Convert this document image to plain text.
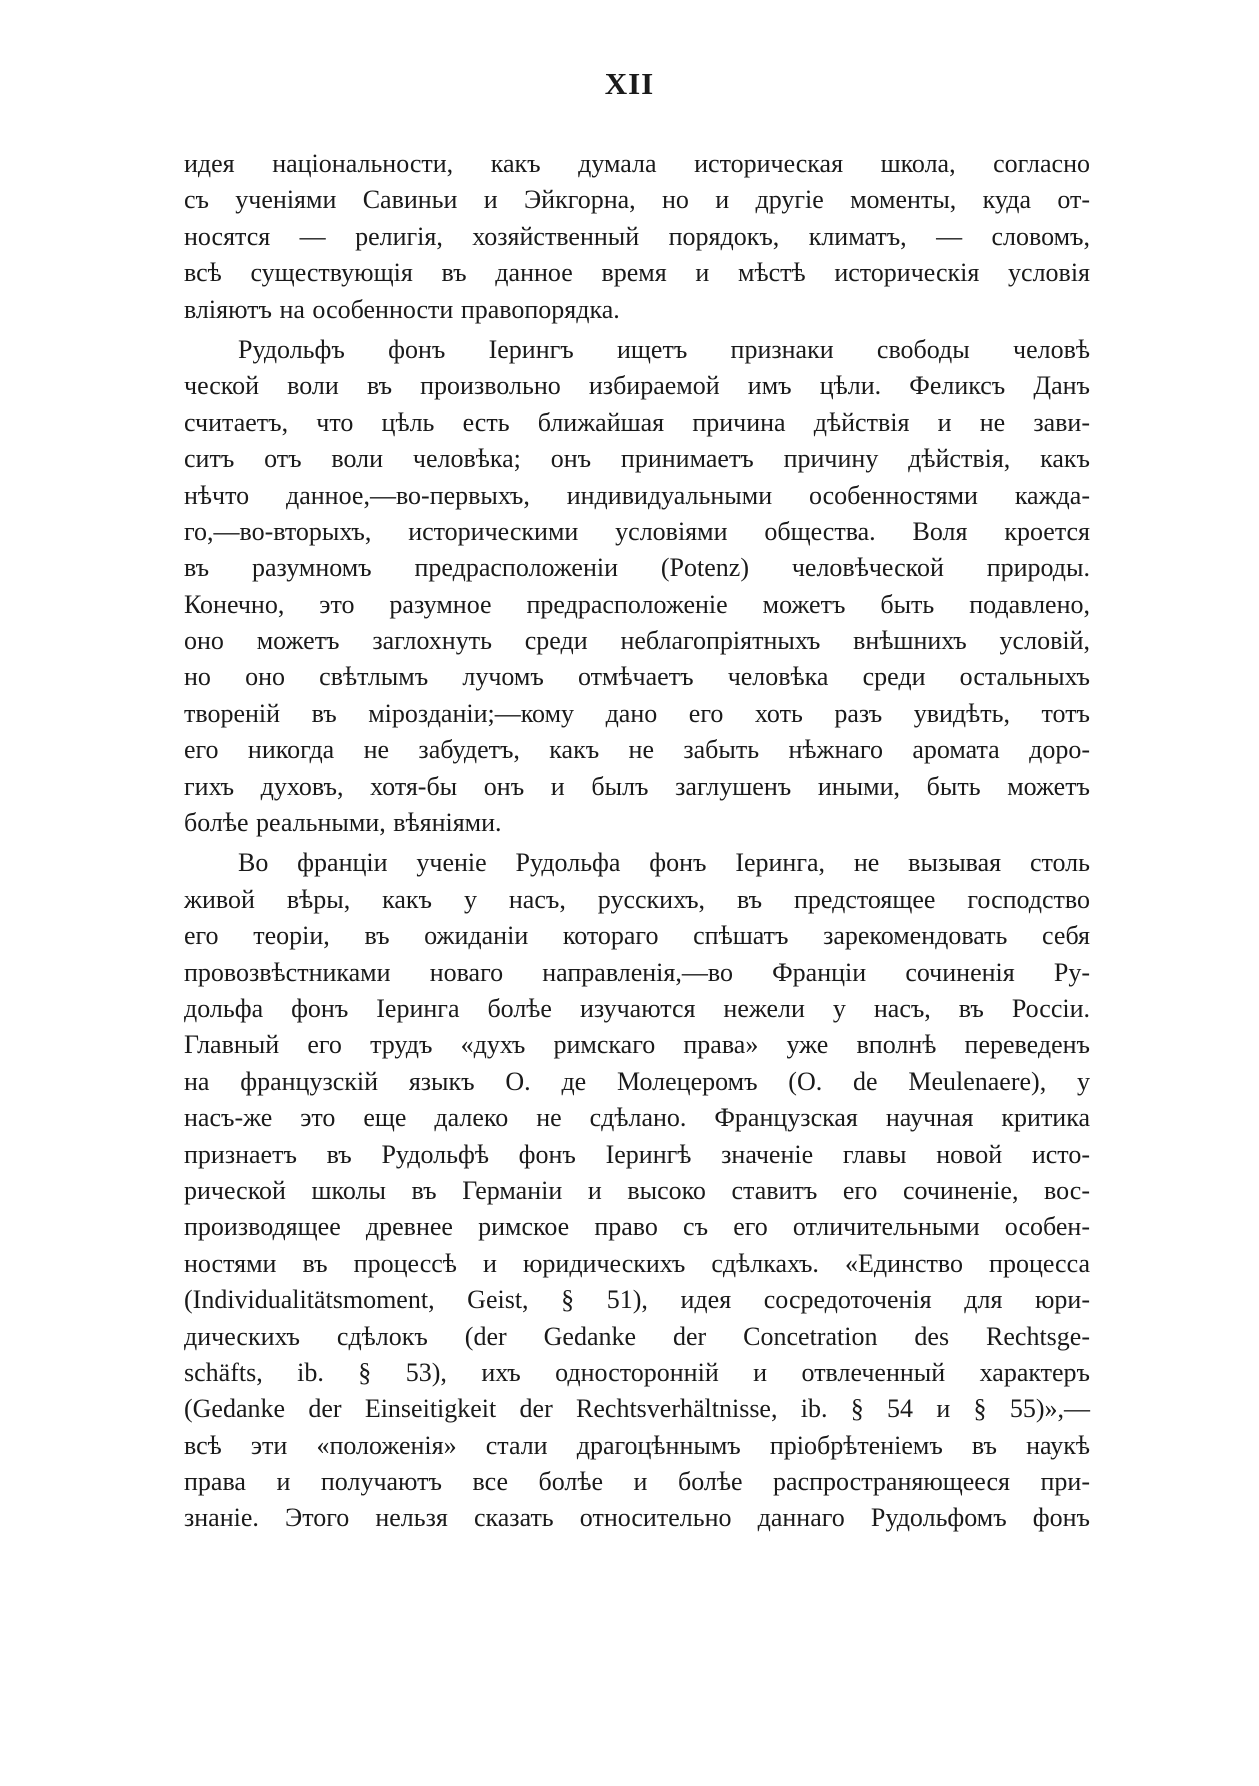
XII
идея національности, какъ думала историческая школа, согласно
съ ученіями Савиньи и Эйкгорна, но и другіе моменты, куда от-
носятся — религія, хозяйственный порядокъ, климатъ, — словомъ,
всѣ существующія въ данное время и мѣстѣ историческія условія
вліяютъ на особенности правопорядка.
Рудольфъ фонъ Іерингъ ищетъ признаки свободы человѣ
ческой воли въ произвольно избираемой имъ цѣли. Феликсъ Данъ
считаетъ, что цѣль есть ближайшая причина дѣйствія и не зави-
ситъ отъ воли человѣка; онъ принимаетъ причину дѣйствія, какъ
нѣчто данное,—во-первыхъ, индивидуальными особенностями кажда-
го,—во-вторыхъ, историческими условіями общества. Воля кроется
въ разумномъ предрасположеніи (Potenz) человѣческой природы.
Конечно, это разумное предрасположеніе можетъ быть подавлено,
оно можетъ заглохнуть среди неблагопріятныхъ внѣшнихъ условій,
но оно свѣтлымъ лучомъ отмѣчаетъ человѣка среди остальныхъ
твореній въ мірозданіи;—кому дано его хоть разъ увидѣть, тотъ
его никогда не забудетъ, какъ не забыть нѣжнаго аромата доро-
гихъ духовъ, хотя-бы онъ и былъ заглушенъ иными, быть можетъ
болѣе реальными, вѣяніями.
Во франціи ученіе Рудольфа фонъ Іеринга, не вызывая столь
живой вѣры, какъ у насъ, русскихъ, въ предстоящее господство
его теоріи, въ ожиданіи котораго спѣшатъ зарекомендовать себя
провозвѣстниками новаго направленія,—во Франціи сочиненія Ру-
дольфа фонъ Іеринга болѣе изучаются нежели у насъ, въ Россіи.
Главный его трудъ «духъ римскаго права» уже вполнѣ переведенъ
на французскій языкъ О. де Молецеромъ (О. de Meulenaere), у
насъ-же это еще далеко не сдѣлано. Французская научная критика
признаетъ въ Рудольфѣ фонъ Іерингѣ значеніе главы новой исто-
рической школы въ Германіи и высоко ставитъ его сочиненіе, вос-
производящее древнее римское право съ его отличительными особен-
ностями въ процессѣ и юридическихъ сдѣлкахъ. «Единство процесса
(Individualitätsmoment, Geist, § 51), идея сосредоточенія для юри-
дическихъ сдѣлокъ (der Gedanke der Concetration des Rechtsge-
schäfts, ib. § 53), ихъ односторонній и отвлеченный характеръ
(Gedanke der Einseitigkeit der Rechtsverhältnisse, ib. § 54 и § 55)»,—
всѣ эти «положенія» стали драгоцѣннымъ пріобрѣтеніемъ въ наукѣ
права и получаютъ все болѣе и болѣе распространяющееся при-
знаніе. Этого нельзя сказать относительно даннаго Рудольфомъ фонъ
